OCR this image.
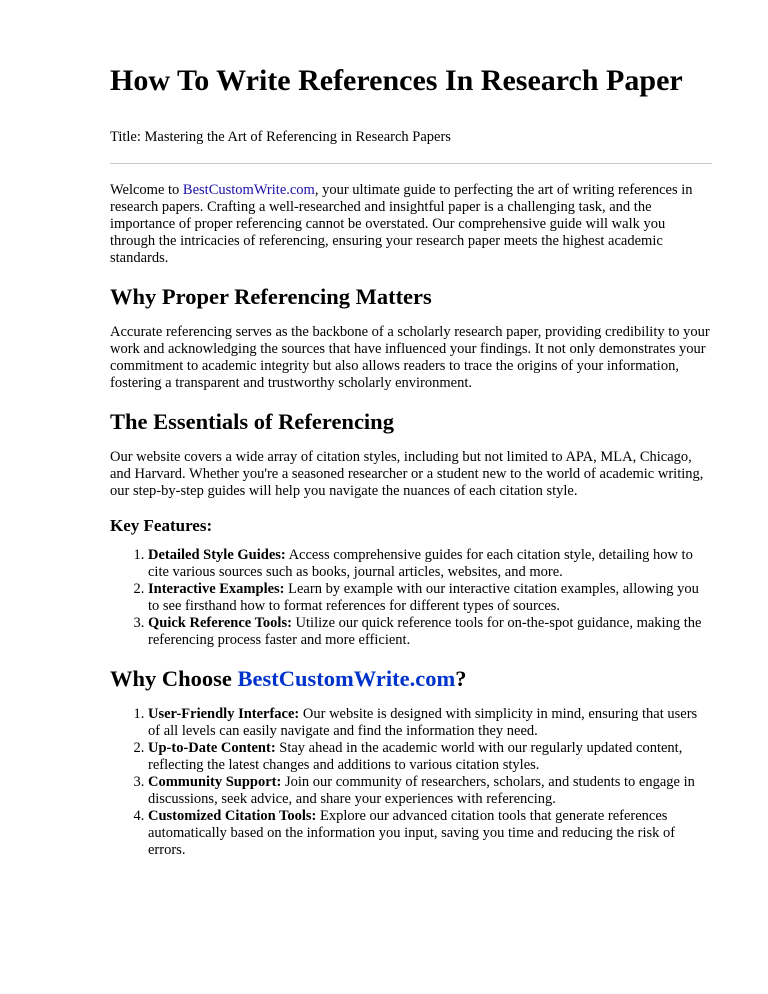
How To Write References In Research Paper
Title: Mastering the Art of Referencing in Research Papers

Welcome to BestCustomWrite.com, your ultimate guide to perfecting the art of writing references in research papers. Crafting a well-researched and insightful paper is a challenging task, and the importance of proper referencing cannot be overstated. Our comprehensive guide will walk you through the intricacies of referencing, ensuring your research paper meets the highest academic standards.

Why Proper Referencing Matters

Accurate referencing serves as the backbone of a scholarly research paper, providing credibility to your work and acknowledging the sources that have influenced your findings. It not only demonstrates your commitment to academic integrity but also allows readers to trace the origins of your information, fostering a transparent and trustworthy scholarly environment.

The Essentials of Referencing

Our website covers a wide array of citation styles, including but not limited to APA, MLA, Chicago, and Harvard. Whether you're a seasoned researcher or a student new to the world of academic writing, our step-by-step guides will help you navigate the nuances of each citation style.

Key Features:
1. Detailed Style Guides: Access comprehensive guides for each citation style, detailing how to cite various sources such as books, journal articles, websites, and more.
2. Interactive Examples: Learn by example with our interactive citation examples, allowing you to see firsthand how to format references for different types of sources.
3. Quick Reference Tools: Utilize our quick reference tools for on-the-spot guidance, making the referencing process faster and more efficient.
Why Choose BestCustomWrite.com?
1. User-Friendly Interface: Our website is designed with simplicity in mind, ensuring that users of all levels can easily navigate and find the information they need.
2. Up-to-Date Content: Stay ahead in the academic world with our regularly updated content, reflecting the latest changes and additions to various citation styles.
3. Community Support: Join our community of researchers, scholars, and students to engage in discussions, seek advice, and share your experiences with referencing.
4. Customized Citation Tools: Explore our advanced citation tools that generate references automatically based on the information you input, saving you time and reducing the risk of errors.
